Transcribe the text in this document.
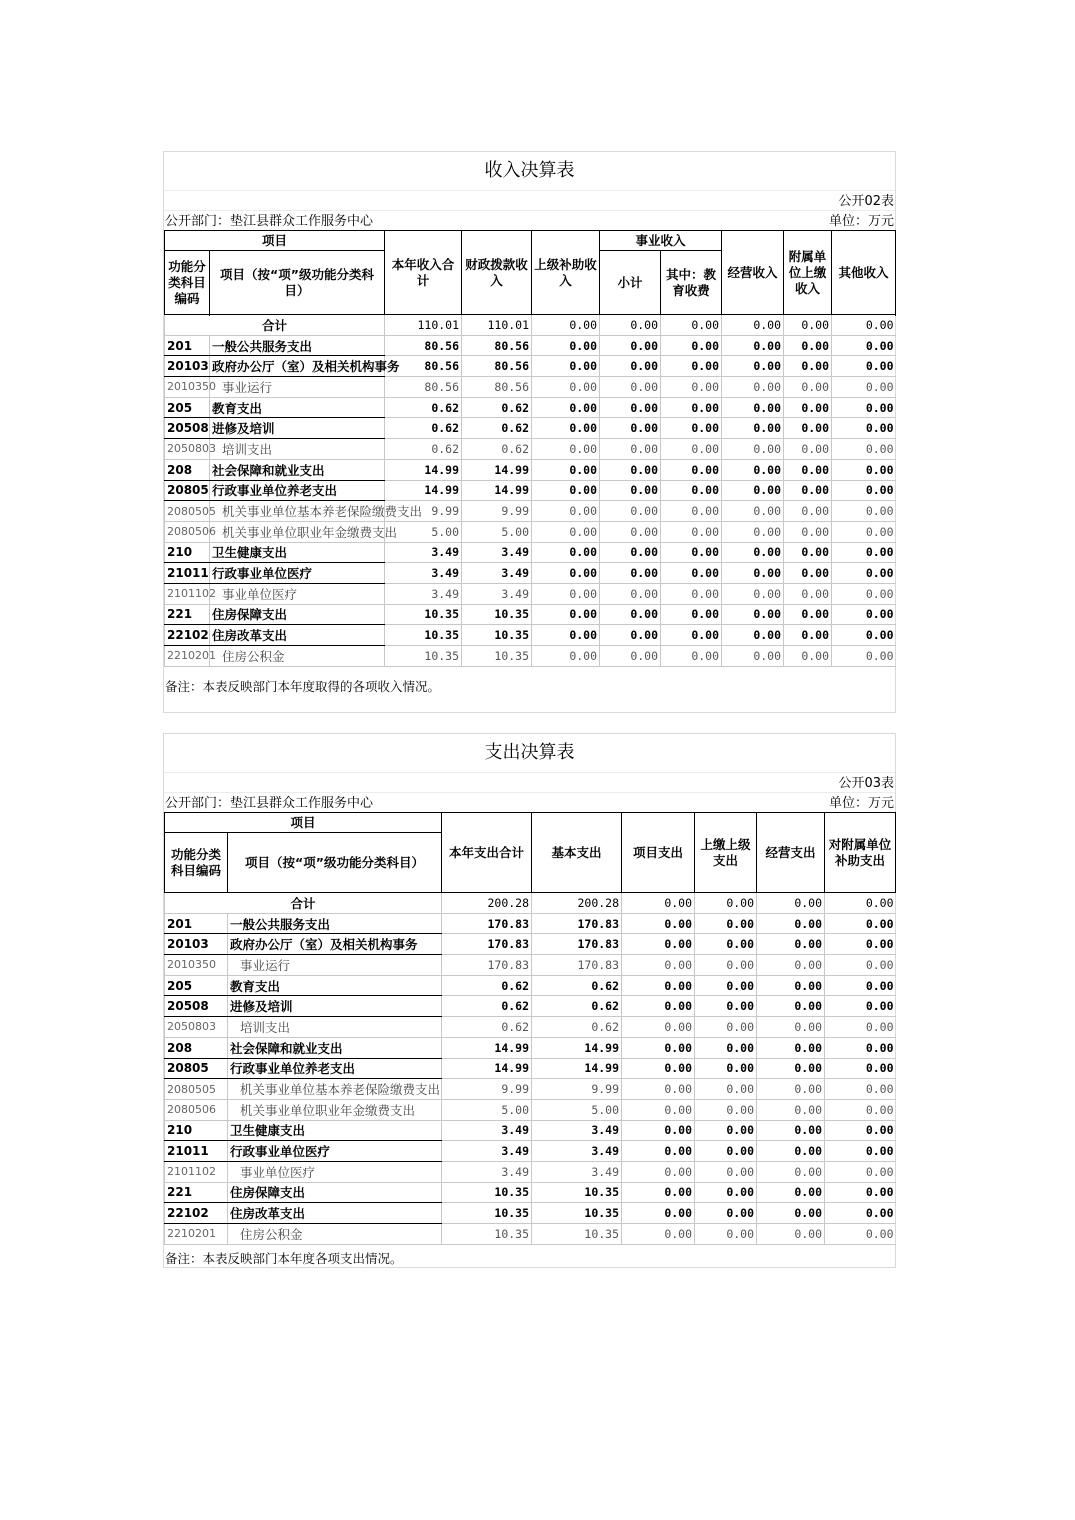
收入决算表
公开02表
公开部门：垫江县群众工作服务中心	单位：万元
项目		本年收入合计	财政拨款收入	上级补助收入	事业收入		经营收入	附属单位上缴收入	其他收入
功能分类科目编码	项目（按“项”级功能分类科目）				小计	其中：教育收费			

合计		110.01	110.01	0.00	0.00	0.00	0.00	0.00	0.00
201	一般公共服务支出	80.56	80.56	0.00	0.00	0.00	0.00	0.00	0.00
20103	政府办公厅（室）及相关机构事务	80.56	80.56	0.00	0.00	0.00	0.00	0.00	0.00
2010350	事业运行	80.56	80.56	0.00	0.00	0.00	0.00	0.00	0.00
205	教育支出	0.62	0.62	0.00	0.00	0.00	0.00	0.00	0.00
20508	进修及培训	0.62	0.62	0.00	0.00	0.00	0.00	0.00	0.00
2050803	培训支出	0.62	0.62	0.00	0.00	0.00	0.00	0.00	0.00
208	社会保障和就业支出	14.99	14.99	0.00	0.00	0.00	0.00	0.00	0.00
20805	行政事业单位养老支出	14.99	14.99	0.00	0.00	0.00	0.00	0.00	0.00
2080505	机关事业单位基本养老保险缴费支出	9.99	9.99	0.00	0.00	0.00	0.00	0.00	0.00
2080506	机关事业单位职业年金缴费支出	5.00	5.00	0.00	0.00	0.00	0.00	0.00	0.00
210	卫生健康支出	3.49	3.49	0.00	0.00	0.00	0.00	0.00	0.00
21011	行政事业单位医疗	3.49	3.49	0.00	0.00	0.00	0.00	0.00	0.00
2101102	事业单位医疗	3.49	3.49	0.00	0.00	0.00	0.00	0.00	0.00
221	住房保障支出	10.35	10.35	0.00	0.00	0.00	0.00	0.00	0.00
22102	住房改革支出	10.35	10.35	0.00	0.00	0.00	0.00	0.00	0.00
2210201	住房公积金	10.35	10.35	0.00	0.00	0.00	0.00	0.00	0.00
备注：本表反映部门本年度取得的各项收入情况。
支出决算表
公开03表
公开部门：垫江县群众工作服务中心	单位：万元
项目		本年支出合计	基本支出	项目支出	上缴上级支出	经营支出	对附属单位补助支出
功能分类科目编码	项目（按“项”级功能分类科目）						
合计		200.28	200.28	0.00	0.00	0.00	0.00
201	一般公共服务支出	170.83	170.83	0.00	0.00	0.00	0.00
20103	政府办公厅（室）及相关机构事务	170.83	170.83	0.00	0.00	0.00	0.00
2010350	事业运行	170.83	170.83	0.00	0.00	0.00	0.00
205	教育支出	0.62	0.62	0.00	0.00	0.00	0.00
20508	进修及培训	0.62	0.62	0.00	0.00	0.00	0.00
2050803	培训支出	0.62	0.62	0.00	0.00	0.00	0.00
208	社会保障和就业支出	14.99	14.99	0.00	0.00	0.00	0.00
20805	行政事业单位养老支出	14.99	14.99	0.00	0.00	0.00	0.00
2080505	机关事业单位基本养老保险缴费支出	9.99	9.99	0.00	0.00	0.00	0.00
2080506	机关事业单位职业年金缴费支出	5.00	5.00	0.00	0.00	0.00	0.00
210	卫生健康支出	3.49	3.49	0.00	0.00	0.00	0.00
21011	行政事业单位医疗	3.49	3.49	0.00	0.00	0.00	0.00
2101102	事业单位医疗	3.49	3.49	0.00	0.00	0.00	0.00
221	住房保障支出	10.35	10.35	0.00	0.00	0.00	0.00
22102	住房改革支出	10.35	10.35	0.00	0.00	0.00	0.00
2210201	住房公积金	10.35	10.35	0.00	0.00	0.00	0.00
备注：本表反映部门本年度各项支出情况。
